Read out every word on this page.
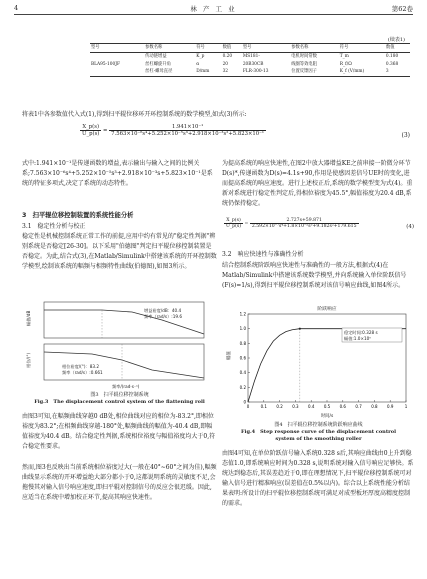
4	林 产 工 业	第62卷
(续表1)
型号	参数名称	符号	数值	型号	参数名称	符号	数值
	传动链增益	K_p	0.20	MS181-	电机时间常数	T_m	0.180
BLA95-100JF	丝杠螺旋升角	α	20	20B30CB	线圈等效电阻	R_f/Ω	0.368
	丝杠-螺母直径	D/mm	32	FLR-300-13	位置反馈因子	K_f (V/mm)	3
将表1中各参数值代入式(1),得到扫平辊位移环开环控制系统的数学模型,如式(3)所示:
$\frac{X\_p(s)}{U\_p(s)} = \frac{\text{1.941×10⁻¹}}{\text{7.563×10⁻⁶s⁴+5.252×10⁻⁵s³+2.918×10⁻³s²+5.823×10⁻¹}}$	(3)
式中:1.941×10⁻¹是传递函数的增益,表示输出与输入之间的比例关系;7.563×10⁻⁶s⁴+5.252×10⁻⁵s³+2.918×10⁻³s+5.823×10⁻¹是系统的特征多项式,决定了系统的动态特性。
3　扫平辊位移控制装置的系统性能分析
3.1　稳定性分析与校正
稳定性是机械控制系统正常工作的前提,应用中约有常见的"稳定性判据"辨别系统是否稳定[26-30]。以下采用"伯德图"判定扫平辊位移控制装置是否稳定。为此,结合式(3),在Matlab/Simulink中搭建该系统的开环控制数学模型,绘制该系统的幅频与相频特性曲线(伯德图),如图3所示。
增益裕度/dB：40.4
频率（rad/s）:19.6
相位裕度/(°)：83.2
频率（rad/s）:0.661
幅值/dB
相位/(°)
频率/(rad·s⁻¹)
图3　扫平辊位移控制系统
Fig.3　The displacement control system of the flattening roll
由图3可知,在幅频曲线穿越0 dB处,相位曲线对应的相位为-83.2°,即相位裕度为83.2°;在相频曲线穿越-180°处,幅频曲线的幅值为-40.4 dB,即幅值裕度为40.4 dB。结合稳定性判据,系统相位裕度与幅值裕度均大于0,符合稳定性要求。
然而,图3也反映出当前系统相位裕度过大(一般在40°~60°之间为佳),幅频曲线显示系统的开环增益绝大部分都小于0,这都说明系统的灵敏度不足,会拖慢其对输入信号响应速度,即扫平辊对控制信号的反应会很迟缓。因此,应适当在系统中增加校正环节,提高其响应快速性。
为提高系统的响应快速性,在图2中放大器增益KE之前串接一阶微分环节D(s)*,传递函数为D(s)=4.1s+90,作用是使感因差信号UE时的变化,进而提高系统的响应速度。进行上述校正后,系统的数学模型变为式(4)。重新对系统进行稳定性判定后,得相位裕度为45.5°,幅值裕度为20.4 dB,系统仍保持稳定。
$\frac{X\_p(s)}{U\_p(s)} = \frac{2.727s+59.871}{\text{2.592×10⁻⁷s⁴+1.8×10⁻⁵s³+9.182s²+179.615}}$	(4)
3.2　响应快速性与准确性分析
结合控制系统阶跃响应快速性与准确性的一般方法,根据式(4)在Matlab/Simulink中搭建该系统数学模型,并向系统输入单位阶跃信号(F(s)=1/s),得到扫平辊位移控制系统对该信号响应曲线,如图4所示。
阶跃响应
0
0.2
0.4
0.6
0.8
1.0
1.2
0	0.1 0.2 0.3 0.4 0.5 0.6 0.7 0.8 0.9	1
稳定时间:0.328 s
幅值:1.0×10⁰
幅值
时间/s
图4　扫平辊位移控制系统阶跃响应曲线
Fig.4　Step response curve of the displacement control
system of the smoothing roller
由图4可知,在单位阶跃信号输入系统0.328 s后,其响应曲线由0上升到稳态值1.0,即系统响应时间为0.328 s,说明系统对输入信号响应足够快。系统达到稳态后,其误差趋近于0,即在理想情况下,扫平辊位移控制系统可对输入信号进行精准响应(误差值在0.5%以内)。综合以上系统性能分析结果表明:所设计的扫平辊位移控制系统可满足对成型板坯厚度高精度控制的需求。
